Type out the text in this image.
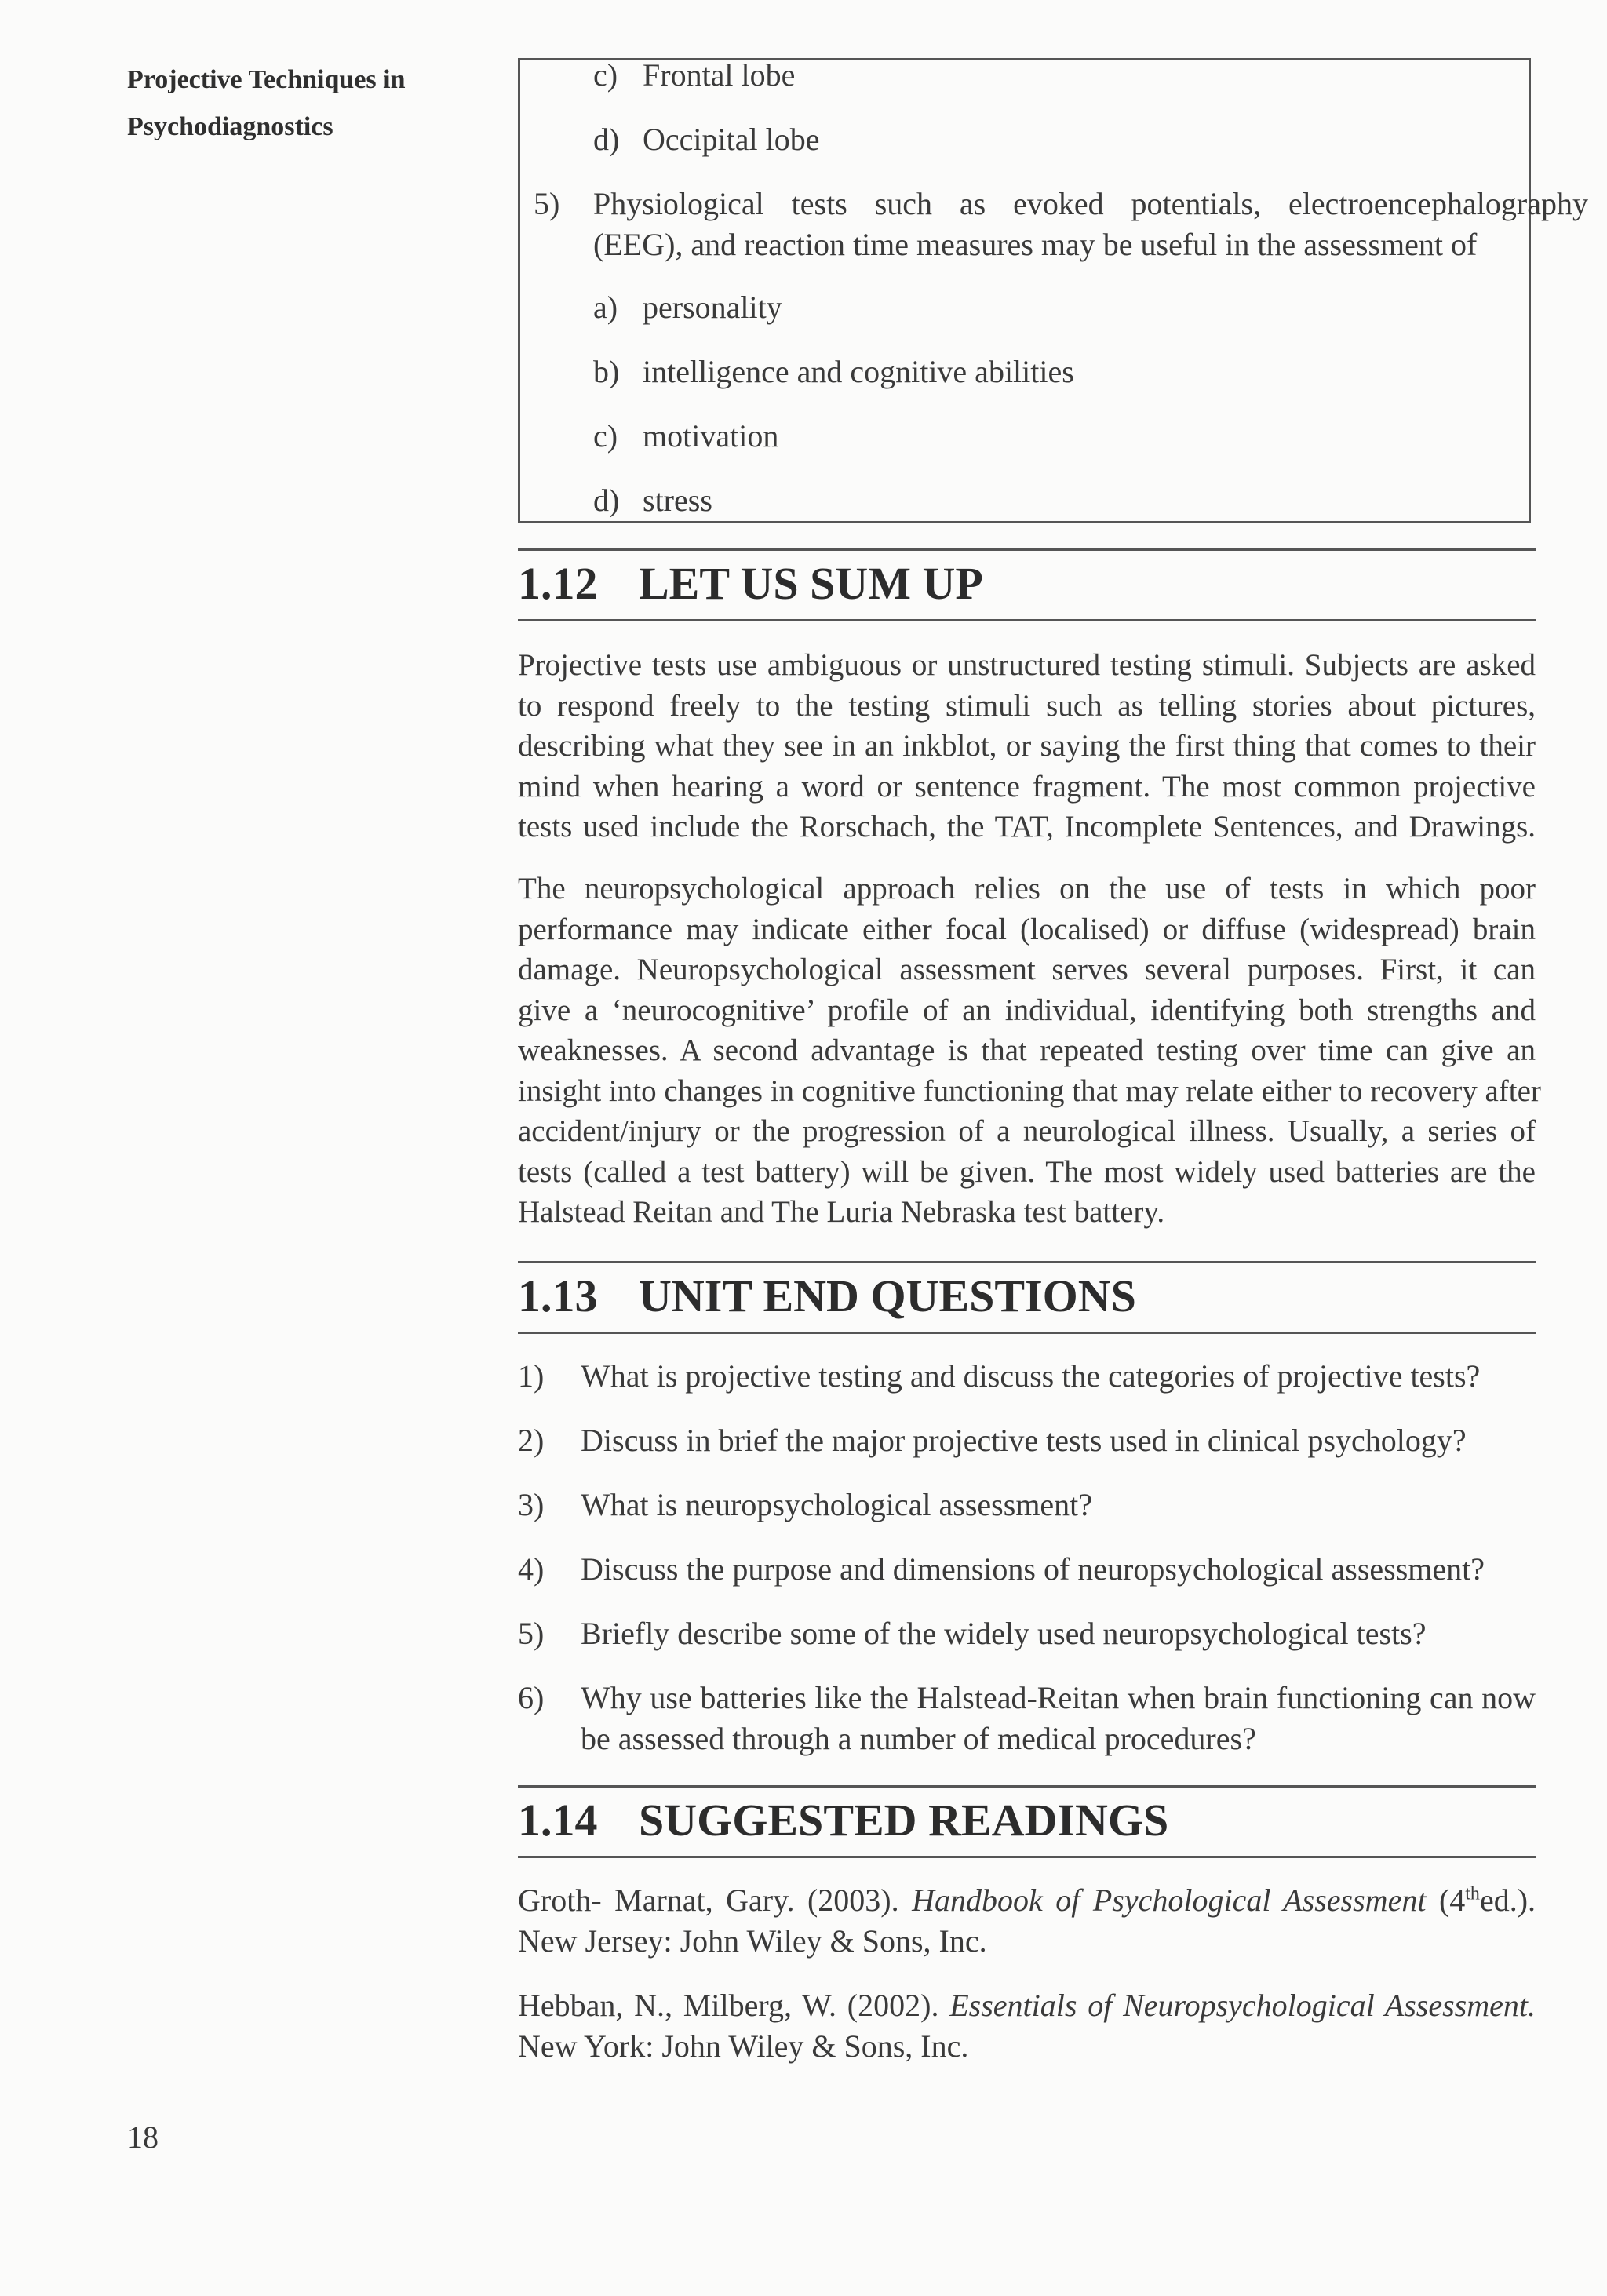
Projective Techniques in
Psychodiagnostics
c) Frontal lobe
d) Occipital lobe
5) Physiological tests such as evoked potentials, electroencephalography
(EEG), and reaction time measures may be useful in the assessment of
a) personality
b) intelligence and cognitive abilities
c) motivation
d) stress
1.12 LET US SUM UP
Projective tests use ambiguous or unstructured testing stimuli. Subjects are asked
to respond freely to the testing stimuli such as telling stories about pictures,
describing what they see in an inkblot, or saying the first thing that comes to their
mind when hearing a word or sentence fragment. The most common projective
tests used include the Rorschach, the TAT, Incomplete Sentences, and Drawings.
The neuropsychological approach relies on the use of tests in which poor
performance may indicate either focal (localised) or diffuse (widespread) brain
damage. Neuropsychological assessment serves several purposes. First, it can
give a ‘neurocognitive’ profile of an individual, identifying both strengths and
weaknesses. A second advantage is that repeated testing over time can give an
insight into changes in cognitive functioning that may relate either to recovery after
accident/injury or the progression of a neurological illness. Usually, a series of
tests (called a test battery) will be given. The most widely used batteries are the
Halstead Reitan and The Luria Nebraska test battery.
1.13 UNIT END QUESTIONS
1) What is projective testing and discuss the categories of projective tests?
2) Discuss in brief the major projective tests used in clinical psychology?
3) What is neuropsychological assessment?
4) Discuss the purpose and dimensions of neuropsychological assessment?
5) Briefly describe some of the widely used neuropsychological tests?
6) Why use batteries like the Halstead-Reitan when brain functioning can now
be assessed through a number of medical procedures?
1.14 SUGGESTED READINGS
Groth- Marnat, Gary. (2003). Handbook of Psychological Assessment (4thed.).
New Jersey: John Wiley & Sons, Inc.
Hebban, N., Milberg, W. (2002). Essentials of Neuropsychological Assessment.
New York: John Wiley & Sons, Inc.
18
